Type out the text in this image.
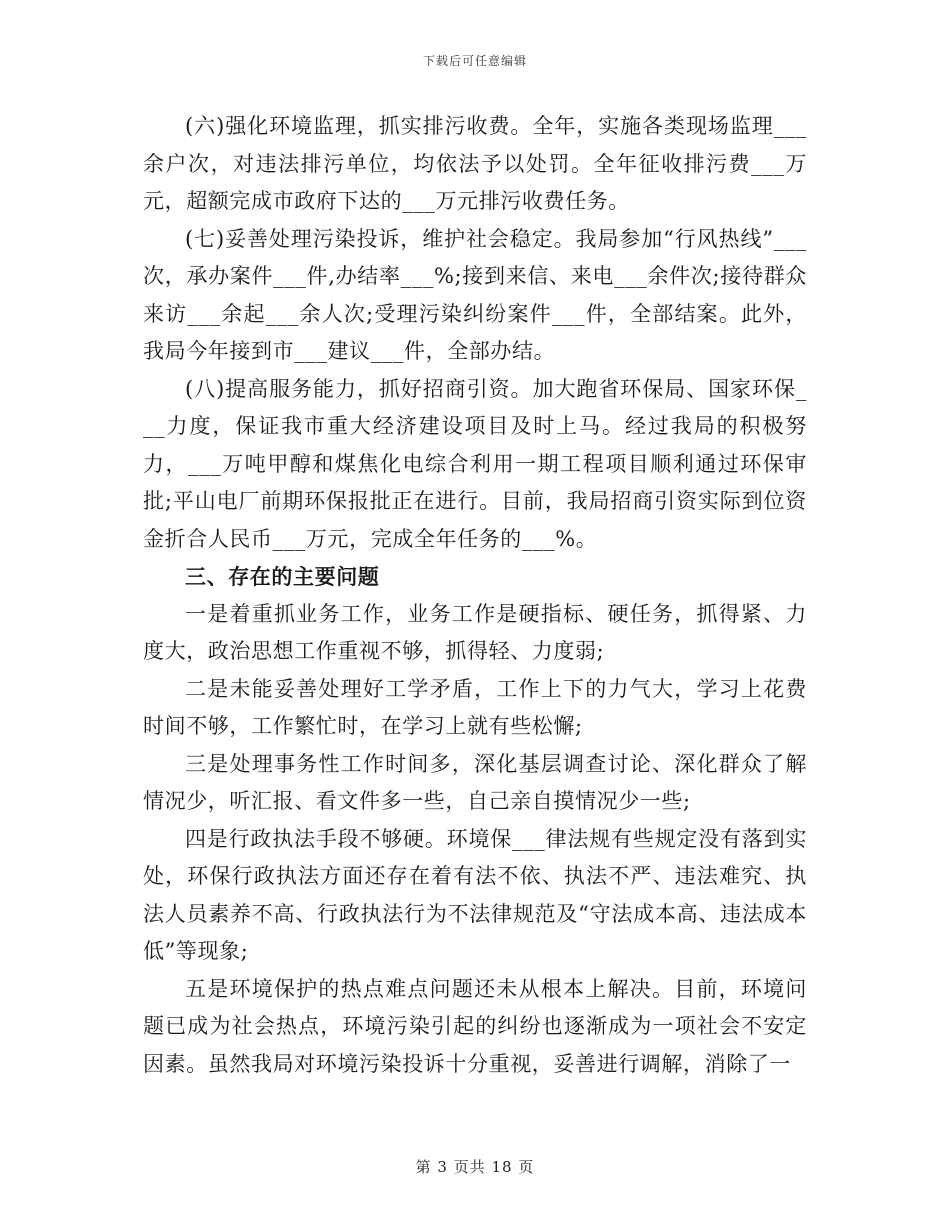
下载后可任意编辑

(六)强化环境监理，抓实排污收费。全年，实施各类现场监理___余户次，对违法排污单位，均依法予以处罚。全年征收排污费___万元，超额完成市政府下达的___万元排污收费任务。

(七)妥善处理污染投诉，维护社会稳定。我局参加“行风热线”___次，承办案件___件,办结率___%;接到来信、来电___余件次;接待群众来访___余起___余人次;受理污染纠纷案件___件，全部结案。此外，我局今年接到市___建议___件，全部办结。

(八)提高服务能力，抓好招商引资。加大跑省环保局、国家环保___力度，保证我市重大经济建设项目及时上马。经过我局的积极努力，___万吨甲醇和煤焦化电综合利用一期工程项目顺利通过环保审批;平山电厂前期环保报批正在进行。目前，我局招商引资实际到位资金折合人民币___万元，完成全年任务的___%。

三、存在的主要问题

一是着重抓业务工作，业务工作是硬指标、硬任务，抓得紧、力度大，政治思想工作重视不够，抓得轻、力度弱;

二是未能妥善处理好工学矛盾，工作上下的力气大，学习上花费时间不够，工作繁忙时，在学习上就有些松懈;

三是处理事务性工作时间多，深化基层调查讨论、深化群众了解情况少，听汇报、看文件多一些，自己亲自摸情况少一些;

四是行政执法手段不够硬。环境保___律法规有些规定没有落到实处，环保行政执法方面还存在着有法不依、执法不严、违法难究、执法人员素养不高、行政执法行为不法律规范及“守法成本高、违法成本低”等现象;

五是环境保护的热点难点问题还未从根本上解决。目前，环境问题已成为社会热点，环境污染引起的纠纷也逐渐成为一项社会不安定因素。虽然我局对环境污染投诉十分重视，妥善进行调解，消除了一

第 3 页共 18 页
